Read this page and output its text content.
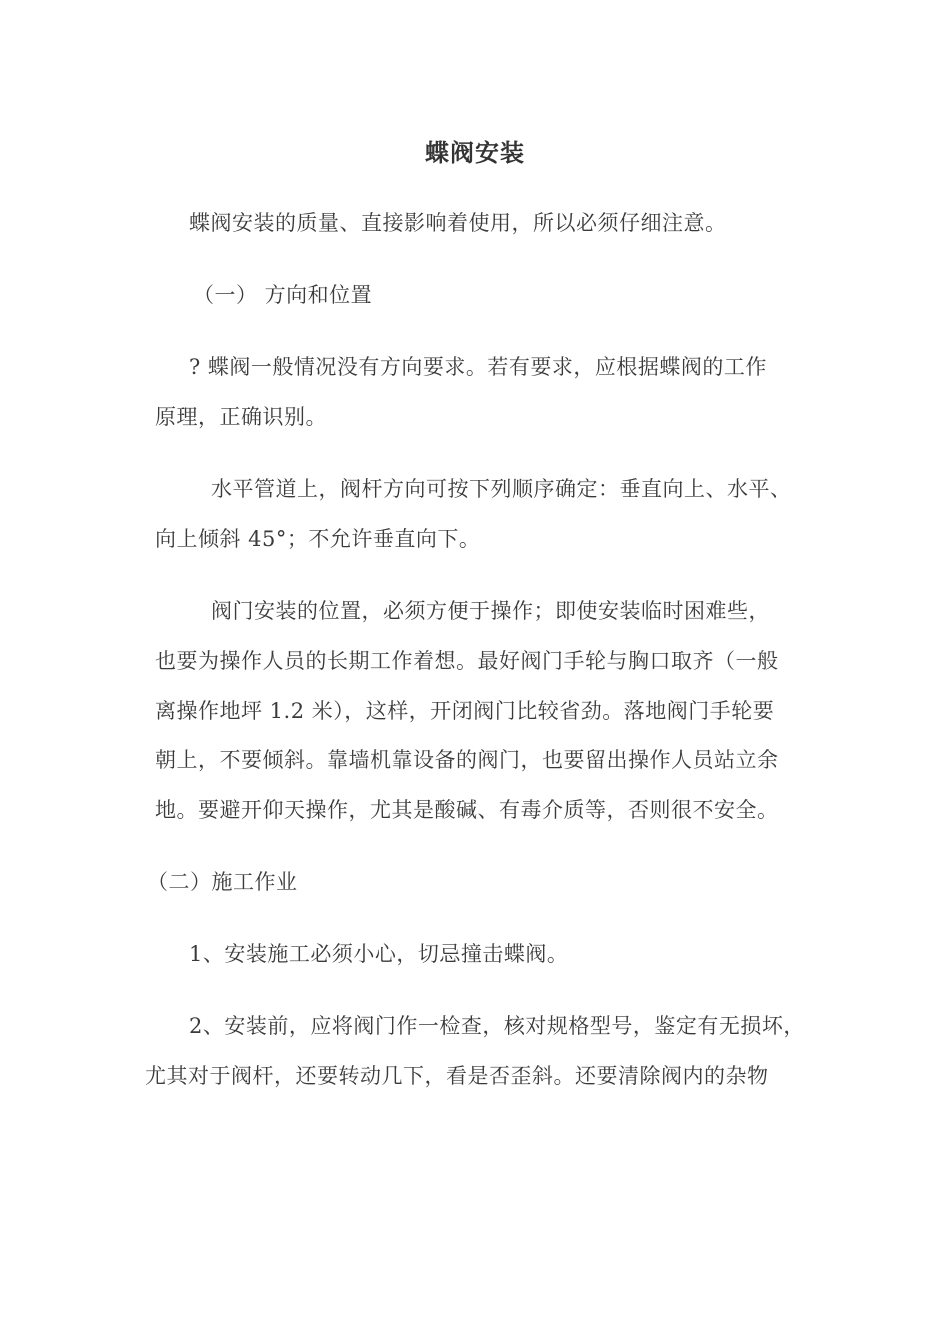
蝶阀安装
蝶阀安装的质量、直接影响着使用，所以必须仔细注意。
（一） 方向和位置
? 蝶阀一般情况没有方向要求。若有要求，应根据蝶阀的工作
原理，正确识别。
水平管道上，阀杆方向可按下列顺序确定：垂直向上、水平、
向上倾斜 45°；不允许垂直向下。
阀门安装的位置，必须方便于操作；即使安装临时困难些，
也要为操作人员的长期工作着想。最好阀门手轮与胸口取齐（一般
离操作地坪 1.2 米），这样，开闭阀门比较省劲。落地阀门手轮要
朝上，不要倾斜。靠墙机靠设备的阀门，也要留出操作人员站立余
地。要避开仰天操作，尤其是酸碱、有毒介质等，否则很不安全。
（二）施工作业
1、安装施工必须小心，切忌撞击蝶阀。
2、安装前，应将阀门作一检查，核对规格型号，鉴定有无损坏，
尤其对于阀杆，还要转动几下，看是否歪斜。还要清除阀内的杂物
